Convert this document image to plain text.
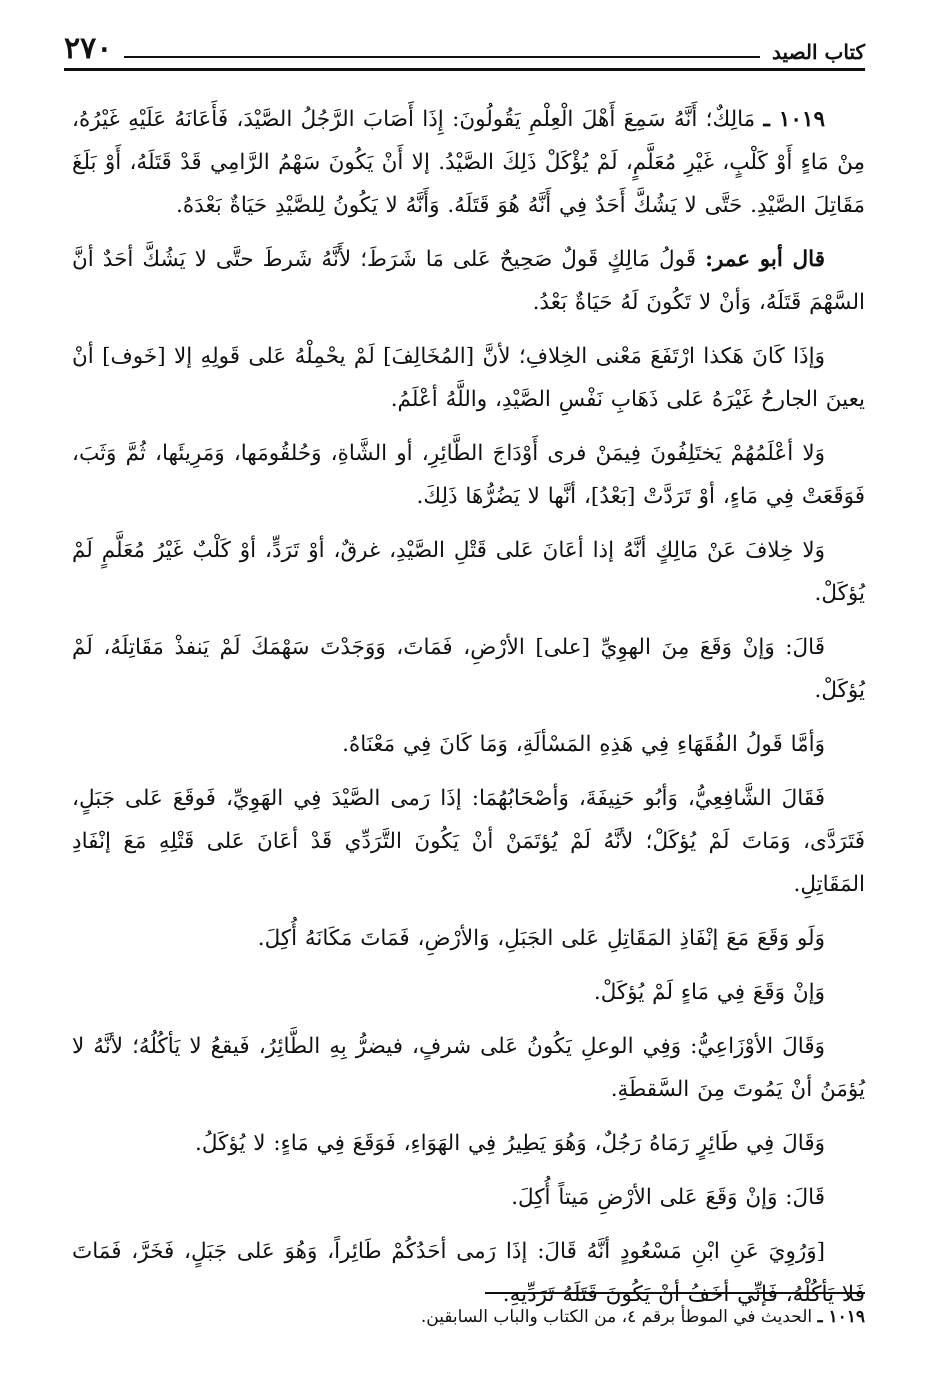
كتاب الصيد
٢٧٠

١٠١٩ ـ مَالِكٌ؛ أَنَّهُ سَمِعَ أَهْلَ الْعِلْمِ يَقُولُونَ: إِذَا أَصَابَ الرَّجُلُ الصَّيْدَ، فَأَعَانَهُ عَلَيْهِ غَيْرُهُ، مِنْ مَاءٍ أَوْ كَلْبٍ، غَيْرِ مُعَلَّمٍ، لَمْ يُؤْكَلْ ذَلِكَ الصَّيْدُ. إلا أَنْ يَكُونَ سَهْمُ الرَّامِي قَدْ قَتَلَهُ، أَوْ بَلَغَ مَقَاتِلَ الصَّيْدِ. حَتَّى لا يَشُكَّ أَحَدٌ فِي أَنَّهُ هُوَ قَتَلَهُ. وَأَنَّهُ لا يَكُونُ لِلصَّيْدِ حَيَاةٌ بَعْدَهُ.

قال أبو عمر: قَولُ مَالِكٍ قَولٌ صَحِيحٌ عَلى مَا شَرَطَ؛ لأَنَّهُ شَرطَ حتَّى لا يَشُكَّ أحَدٌ أنَّ السَّهْمَ قَتَلَهُ، وَأنْ لا تَكُونَ لَهُ حَيَاةٌ بَعْدُ.

وَإذَا كَانَ هَكذا ارْتَفَعَ مَعْنى الخِلافِ؛ لأنَّ [المُخَالِفَ] لَمْ يحْمِلْهُ عَلى قَولِهِ إلا [خَوف] أنْ يعينَ الجارحُ غَيْرَهُ عَلى ذَهَابِ نَفْسِ الصَّيْدِ، واللَّهُ أعْلَمُ.

وَلا أعْلَمُهُمْ يَختَلِفُونَ فِيمَنْ فرى أَوْدَاجَ الطَّائِرِ، أو الشَّاةِ، وَحُلقُومَها، وَمَرِيئَها، ثُمَّ وَثَبَ، فَوَقَعَتْ فِي مَاءٍ، أوْ تَرَدَّتْ [بَعْدُ]، أنَّها لا يَضُرُّهَا ذَلِكَ.

وَلا خِلافَ عَنْ مَالِكٍ أنَّهُ إذا أعَانَ عَلى قَتْلِ الصَّيْدِ، غرقٌ، أوْ تَرَدٍّ، أوْ كَلْبٌ غَيْرُ مُعَلَّمٍ لَمْ يُؤكَلْ.

قَالَ: وَإنْ وَقَعَ مِنَ الهوِيِّ [على] الأرْضِ، فَمَاتَ، وَوَجَدْتَ سَهْمَكَ لَمْ يَنفذْ مَقَاتِلَهُ، لَمْ يُؤكَلْ.

وَأمَّا قَولُ الفُقَهَاءِ فِي هَذِهِ المَسْألَةِ، وَمَا كَانَ فِي مَعْنَاهُ.

فَقَالَ الشَّافِعِيُّ، وَأبُو حَنِيفَةَ، وَأصْحَابُهُمَا: إذَا رَمى الصَّيْدَ فِي الهَوِيِّ، فَوقَعَ عَلى جَبَلٍ، فَتَرَدَّى، وَمَاتَ لَمْ يُؤكَلْ؛ لأنَّهُ لَمْ يُؤتَمَنْ أنْ يَكُونَ التَّرَدِّي قَدْ أعَانَ عَلى قَتْلِهِ مَعَ إنْفَادِ المَقَاتِلِ.

وَلَو وَقَعَ مَعَ إنْفَاذِ المَقَاتِلِ عَلى الجَبَلِ، وَالأرْضِ، فَمَاتَ مَكَانَهُ أُكِلَ.

وَإنْ وَقَعَ فِي مَاءٍ لَمْ يُؤكَلْ.

وَقَالَ الأوْزَاعِيُّ: وَفِي الوعلِ يَكُونُ عَلى شرفٍ، فيضرُّ بِهِ الطَّائِرُ، فَيقعُ لا يَأكُلُهُ؛ لأنَّهُ لا يُؤمَنُ أنْ يَمُوتَ مِنَ السَّقطَةِ.

وَقَالَ فِي طَائِرٍ رَمَاهُ رَجُلٌ، وَهُوَ يَطِيرُ فِي الهَوَاءِ، فَوَقَعَ فِي مَاءٍ: لا يُؤكَلُ.

قَالَ: وَإنْ وَقَعَ عَلى الأرْضِ مَيتاً أُكِلَ.

[وَرُوِيَ عَنِ ابْنِ مَسْعُودٍ أنَّهُ قَالَ: إذَا رَمى أحَدُكُمْ طَائِراً، وَهُوَ عَلى جَبَلٍ، فَخَرَّ، فَمَاتَ فَلا يَأكُلْهُ، فَإنِّي أخَفُ أنْ يَكُونَ قَتَلَهُ تَرَدِّيهِ.

١٠١٩ ـ الحديث في الموطأ برقم ٤، من الكتاب والباب السابقين.
